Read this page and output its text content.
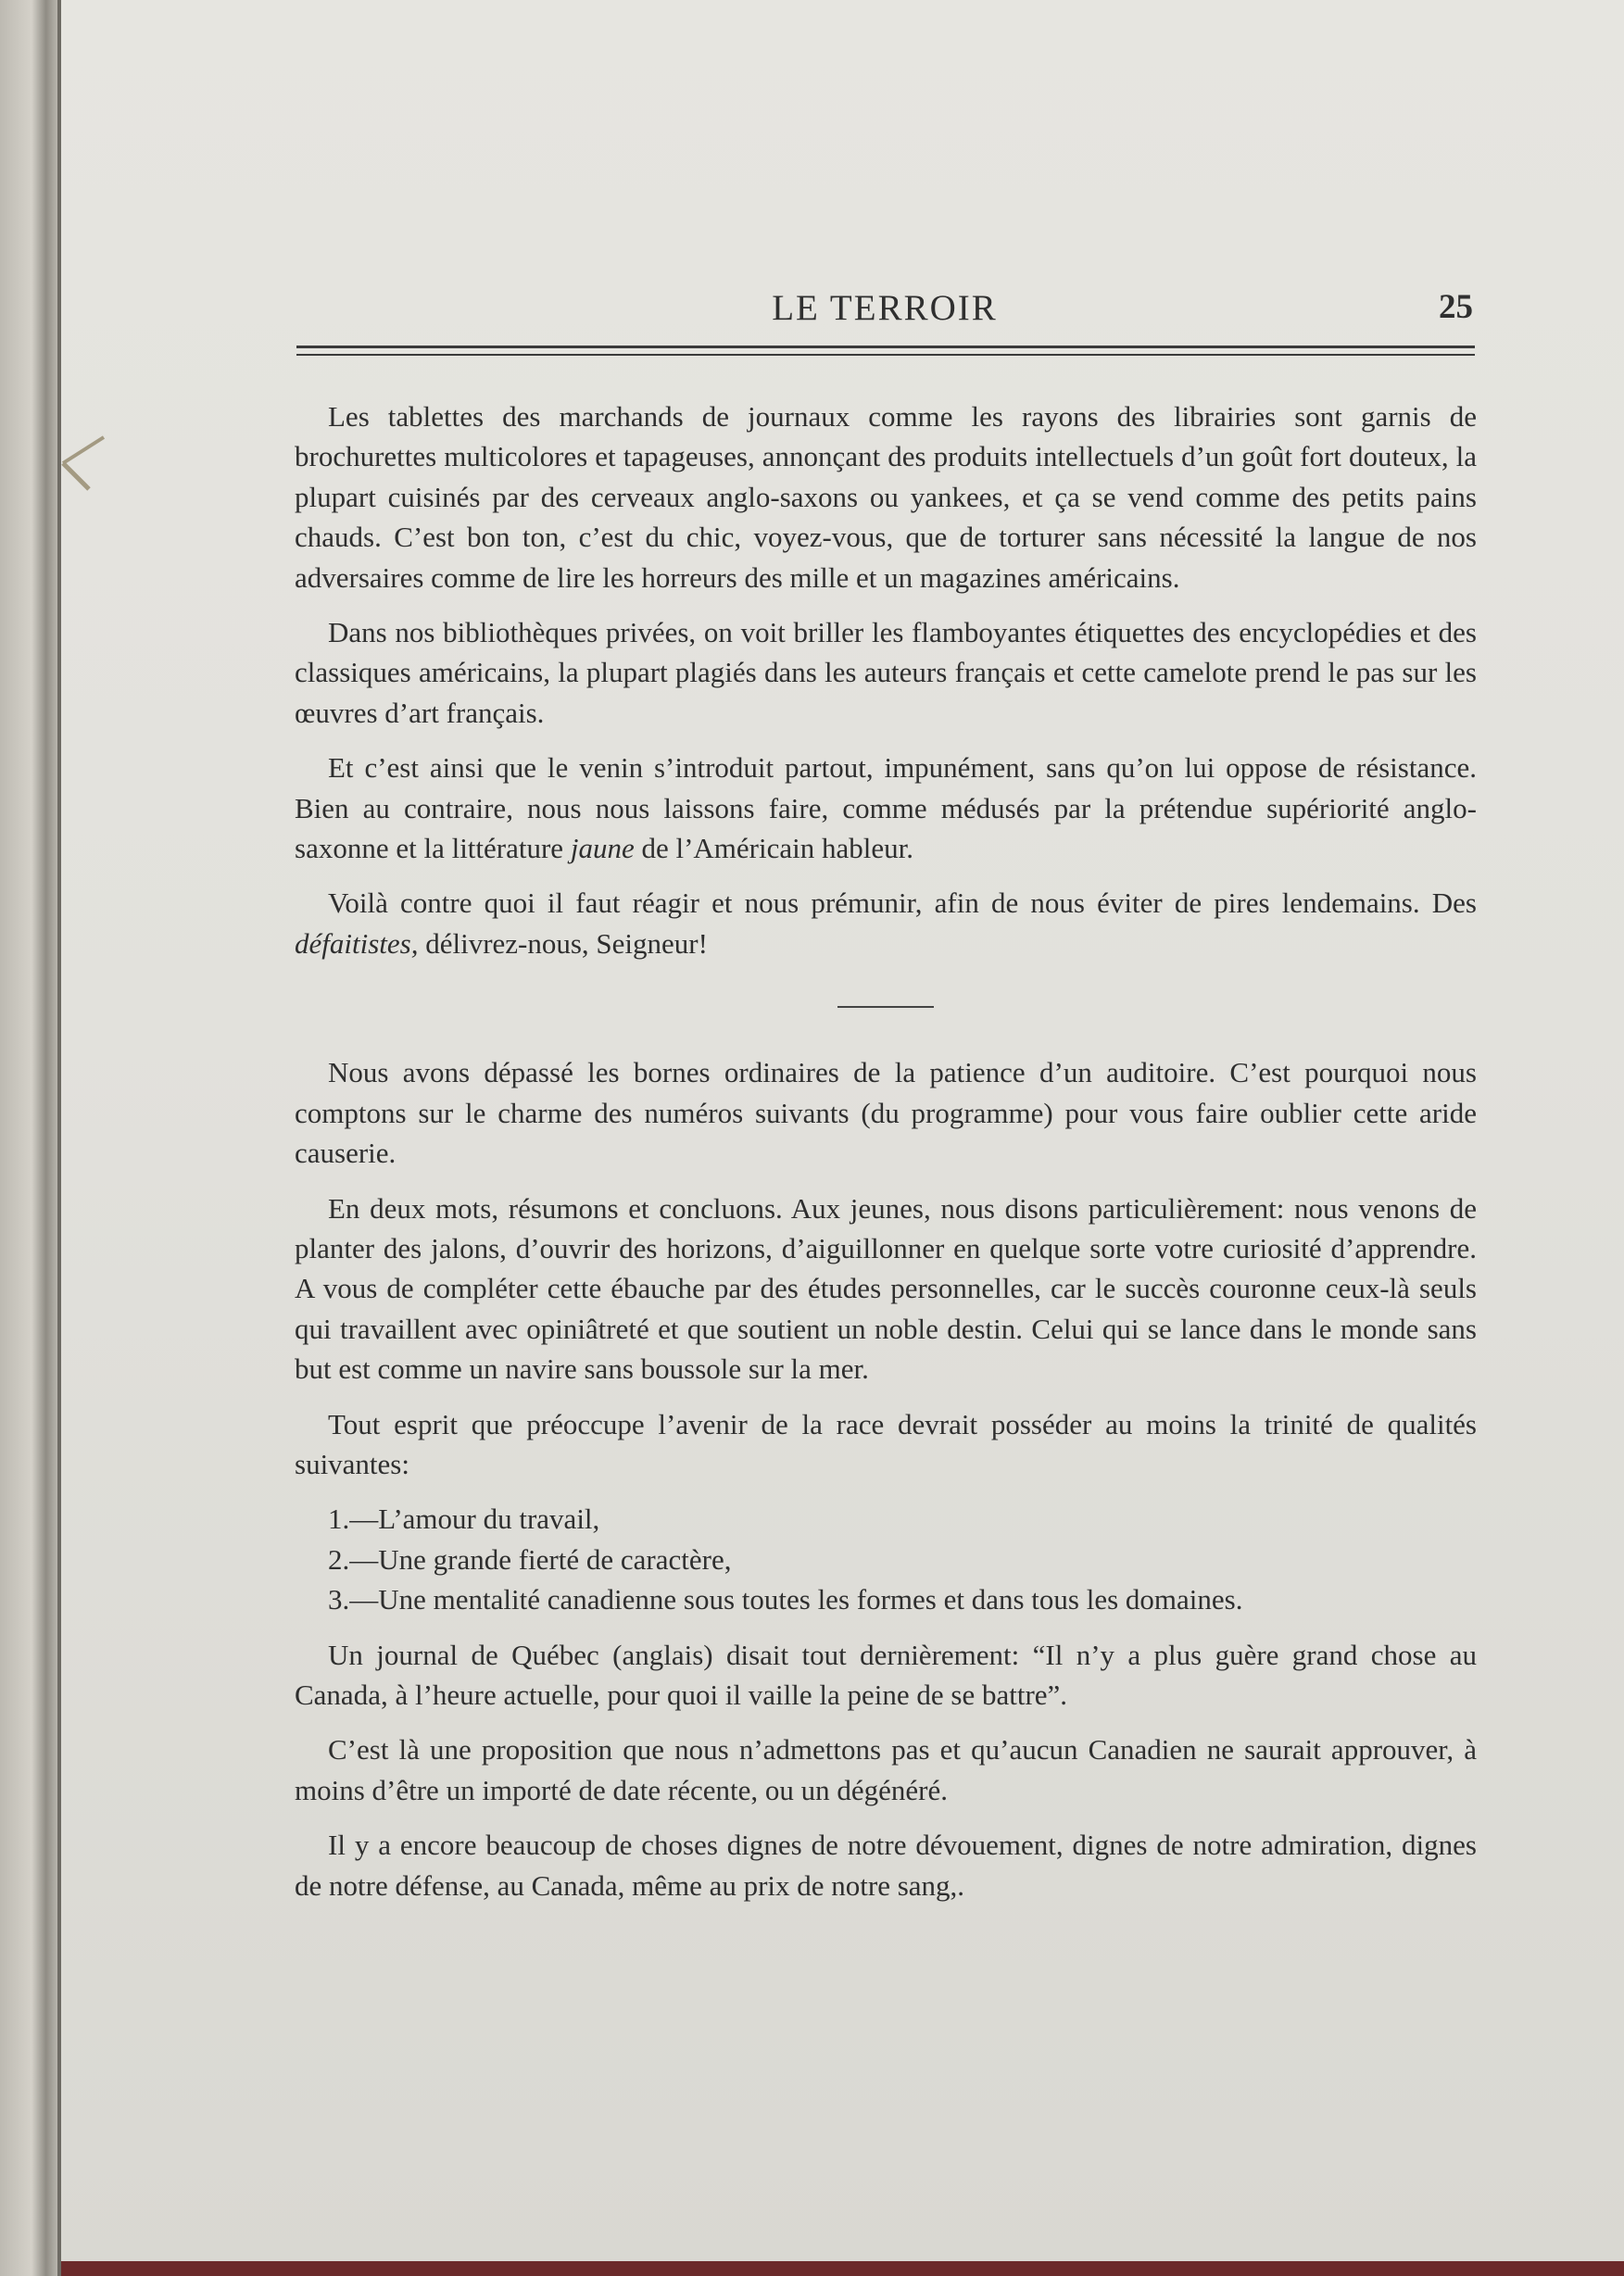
LE TERROIR	25

Les tablettes des marchands de journaux comme les rayons des librairies sont garnis de brochurettes multicolores et tapageuses, annonçant des produits intellectuels d’un goût fort douteux, la plupart cuisinés par des cerveaux anglo-saxons ou yankees, et ça se vend comme des petits pains chauds. C’est bon ton, c’est du chic, voyez-vous, que de torturer sans nécessité la langue de nos adversaires comme de lire les horreurs des mille et un magazines américains.

Dans nos bibliothèques privées, on voit briller les flamboyantes étiquettes des encyclopédies et des classiques américains, la plupart plagiés dans les auteurs français et cette camelote prend le pas sur les œuvres d’art français.

Et c’est ainsi que le venin s’introduit partout, impunément, sans qu’on lui oppose de résistance. Bien au contraire, nous nous laissons faire, comme médusés par la prétendue supériorité anglo-saxonne et la littérature jaune de l’Américain hableur.

Voilà contre quoi il faut réagir et nous prémunir, afin de nous éviter de pires lendemains. Des défaitistes, délivrez-nous, Seigneur!

Nous avons dépassé les bornes ordinaires de la patience d’un auditoire. C’est pourquoi nous comptons sur le charme des numéros suivants (du programme) pour vous faire oublier cette aride causerie.

En deux mots, résumons et concluons. Aux jeunes, nous disons particulièrement: nous venons de planter des jalons, d’ouvrir des horizons, d’aiguillonner en quelque sorte votre curiosité d’apprendre. A vous de compléter cette ébauche par des études personnelles, car le succès couronne ceux-là seuls qui travaillent avec opiniâtreté et que soutient un noble destin. Celui qui se lance dans le monde sans but est comme un navire sans boussole sur la mer.

Tout esprit que préoccupe l’avenir de la race devrait posséder au moins la trinité de qualités suivantes:

1.—L’amour du travail,
2.—Une grande fierté de caractère,
3.—Une mentalité canadienne sous toutes les formes et dans tous les domaines.

Un journal de Québec (anglais) disait tout dernièrement: “Il n’y a plus guère grand chose au Canada, à l’heure actuelle, pour quoi il vaille la peine de se battre”.

C’est là une proposition que nous n’admettons pas et qu’aucun Canadien ne saurait approuver, à moins d’être un importé de date récente, ou un dégénéré.

Il y a encore beaucoup de choses dignes de notre dévouement, dignes de notre admiration, dignes de notre défense, au Canada, même au prix de notre sang,.
